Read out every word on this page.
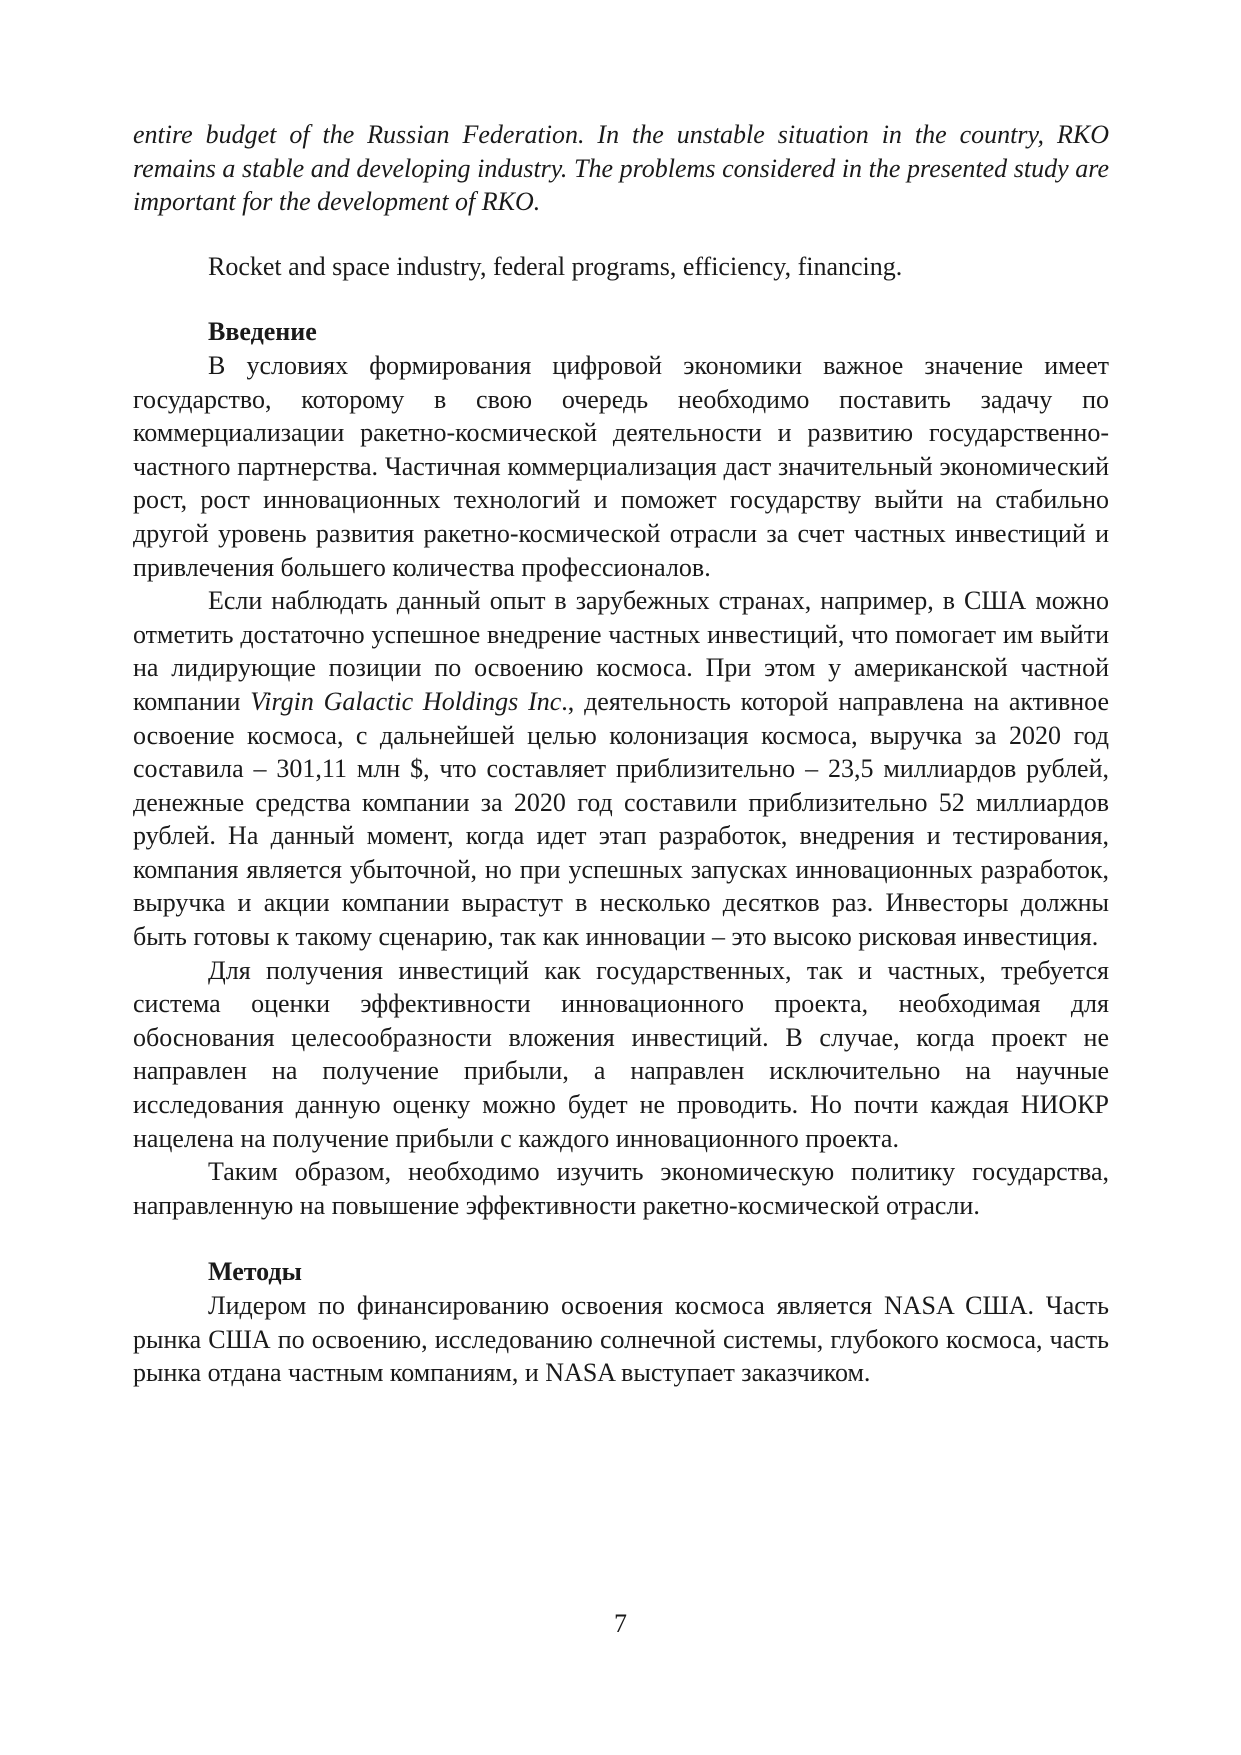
entire budget of the Russian Federation. In the unstable situation in the country, RKO remains a stable and developing industry. The problems considered in the presented study are important for the development of RKO.

Rocket and space industry, federal programs, efficiency, financing.

Введение

В условиях формирования цифровой экономики важное значение имеет государство, которому в свою очередь необходимо поставить задачу по коммерциализации ракетно-космической деятельности и развитию государственно-частного партнерства. Частичная коммерциализация даст значительный экономический рост, рост инновационных технологий и поможет государству выйти на стабильно другой уровень развития ракетно-космической отрасли за счет частных инвестиций и привлечения большего количества профессионалов.

Если наблюдать данный опыт в зарубежных странах, например, в США можно отметить достаточно успешное внедрение частных инвестиций, что помогает им выйти на лидирующие позиции по освоению космоса. При этом у американской частной компании Virgin Galactic Holdings Inc., деятельность которой направлена на активное освоение космоса, с дальнейшей целью колонизация космоса, выручка за 2020 год составила – 301,11 млн $, что составляет приблизительно – 23,5 миллиардов рублей, денежные средства компании за 2020 год составили приблизительно 52 миллиардов рублей. На данный момент, когда идет этап разработок, внедрения и тестирования, компания является убыточной, но при успешных запусках инновационных разработок, выручка и акции компании вырастут в несколько десятков раз. Инвесторы должны быть готовы к такому сценарию, так как инновации – это высоко рисковая инвестиция.

Для получения инвестиций как государственных, так и частных, требуется система оценки эффективности инновационного проекта, необходимая для обоснования целесообразности вложения инвестиций. В случае, когда проект не направлен на получение прибыли, а направлен исключительно на научные исследования данную оценку можно будет не проводить. Но почти каждая НИОКР нацелена на получение прибыли с каждого инновационного проекта.

Таким образом, необходимо изучить экономическую политику государства, направленную на повышение эффективности ракетно-космической отрасли.

Методы

Лидером по финансированию освоения космоса является NASA США. Часть рынка США по освоению, исследованию солнечной системы, глубокого космоса, часть рынка отдана частным компаниям, и NASA выступает заказчиком.

7
